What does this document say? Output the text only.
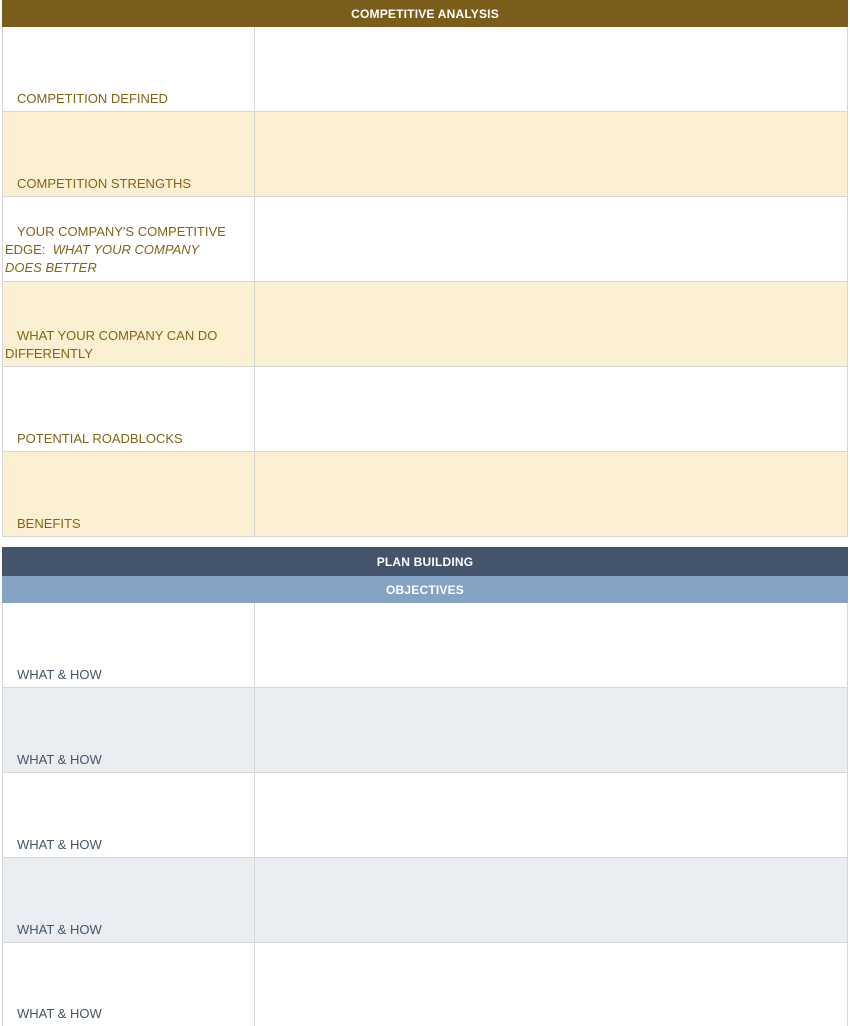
COMPETITIVE ANALYSIS
COMPETITION DEFINED
COMPETITION STRENGTHS
YOUR COMPANY'S COMPETITIVE
EDGE:  WHAT YOUR COMPANY
DOES BETTER
WHAT YOUR COMPANY CAN DO
DIFFERENTLY
POTENTIAL ROADBLOCKS
BENEFITS
PLAN BUILDING
OBJECTIVES
WHAT & HOW
WHAT & HOW
WHAT & HOW
WHAT & HOW
WHAT & HOW
